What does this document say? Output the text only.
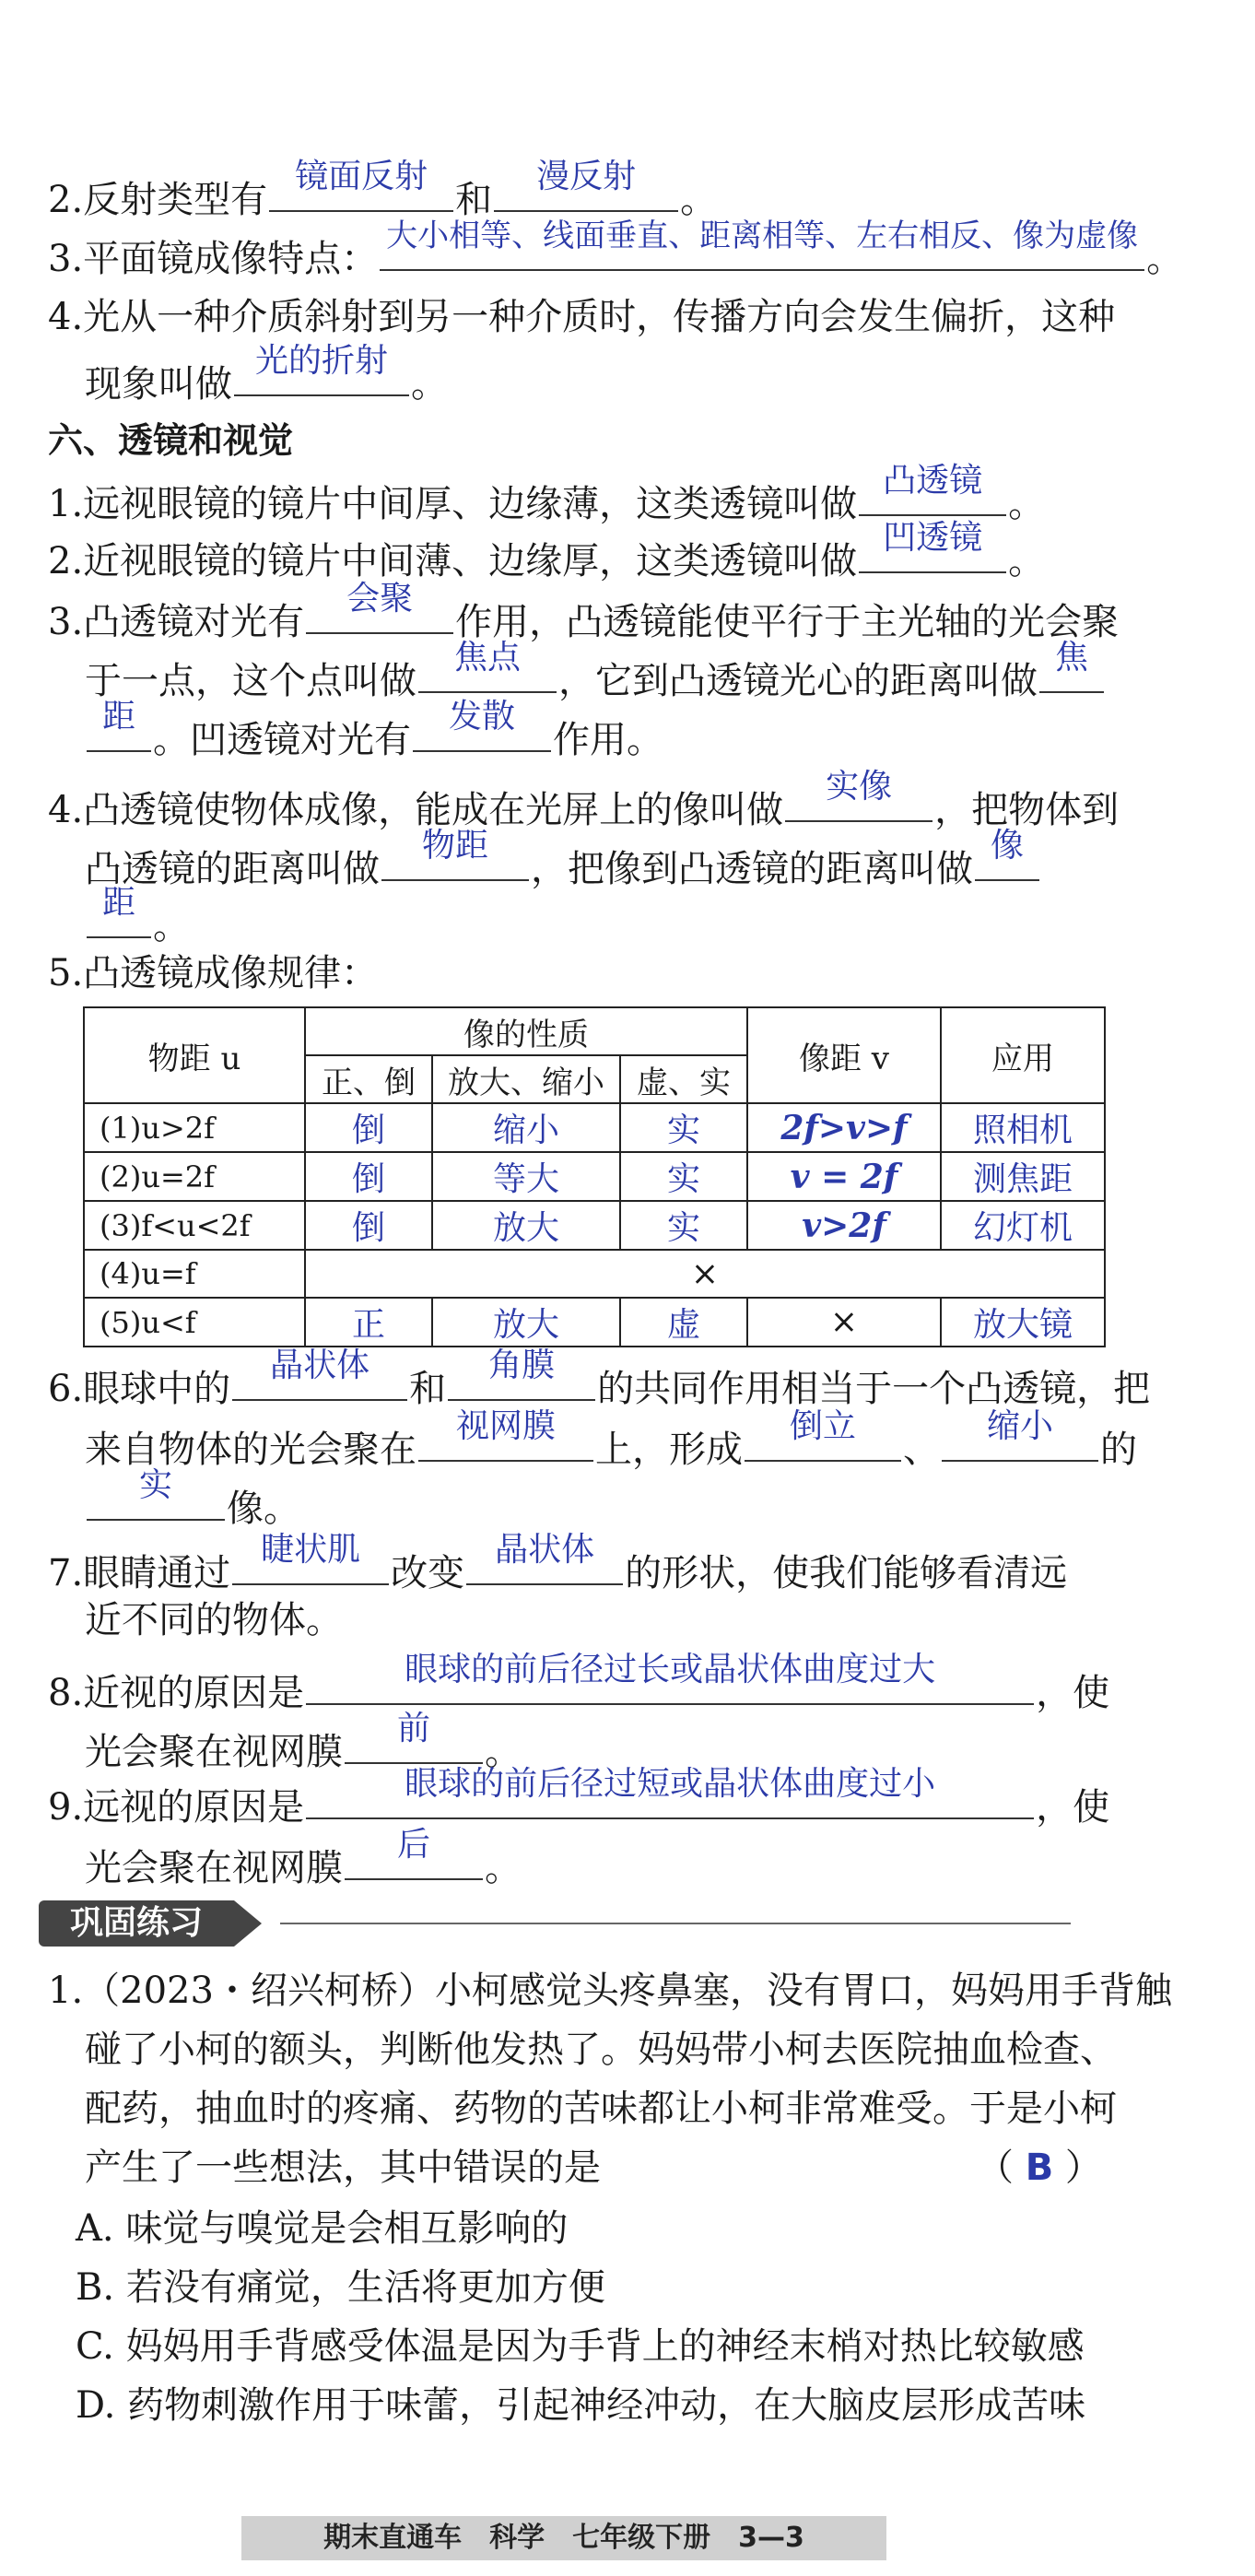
2.反射类型有
镜面反射
和
漫反射
。
3.平面镜成像特点：
大小相等、线面垂直、距离相等、左右相反、像为虚像
。
4.光从一种介质斜射到另一种介质时，传播方向会发生偏折，这种
现象叫做
光的折射
。
六、透镜和视觉
1.远视眼镜的镜片中间厚、边缘薄，这类透镜叫做
凸透镜
。
2.近视眼镜的镜片中间薄、边缘厚，这类透镜叫做
凹透镜
。
3.凸透镜对光有
会聚
作用，凸透镜能使平行于主光轴的光会聚
于一点，这个点叫做
焦点
，它到凸透镜光心的距离叫做
焦
距
。凹透镜对光有
发散
作用。
4.凸透镜使物体成像，能成在光屏上的像叫做
实像
，把物体到
凸透镜的距离叫做
物距
，把像到凸透镜的距离叫做
像
距
。
5.凸透镜成像规律：
物距 u	像的性质			像距 v	应用
	正、倒	放大、缩小	虚、实		
(1)u>2f	倒	缩小	实	2f>v>f	照相机
(2)u=2f	倒	等大	实	v = 2f	测焦距
(3)f<u<2f	倒	放大	实	v>2f	幻灯机
(4)u=f	×				
(5)u<f	正	放大	虚	×	放大镜
6.眼球中的
晶状体
和
角膜
的共同作用相当于一个凸透镜，把
来自物体的光会聚在
视网膜
上，形成
倒立
、
缩小
的
实
像。
7.眼睛通过
睫状肌
改变
晶状体
的形状，使我们能够看清远
近不同的物体。
8.近视的原因是
眼球的前后径过长或晶状体曲度过大
，使
光会聚在视网膜
前
。
9.远视的原因是
眼球的前后径过短或晶状体曲度过小
，使
光会聚在视网膜
后
。
巩固练习
1.（2023・绍兴柯桥）小柯感觉头疼鼻塞，没有胃口，妈妈用手背触
碰了小柯的额头，判断他发热了。妈妈带小柯去医院抽血检查、
配药，抽血时的疼痛、药物的苦味都让小柯非常难受。于是小柯
产生了一些想法，其中错误的是	（ B ）
A. 味觉与嗅觉是会相互影响的
B. 若没有痛觉，生活将更加方便
C. 妈妈用手背感受体温是因为手背上的神经末梢对热比较敏感
D. 药物刺激作用于味蕾，引起神经冲动，在大脑皮层形成苦味
期末直通车　科学　七年级下册　3—3
